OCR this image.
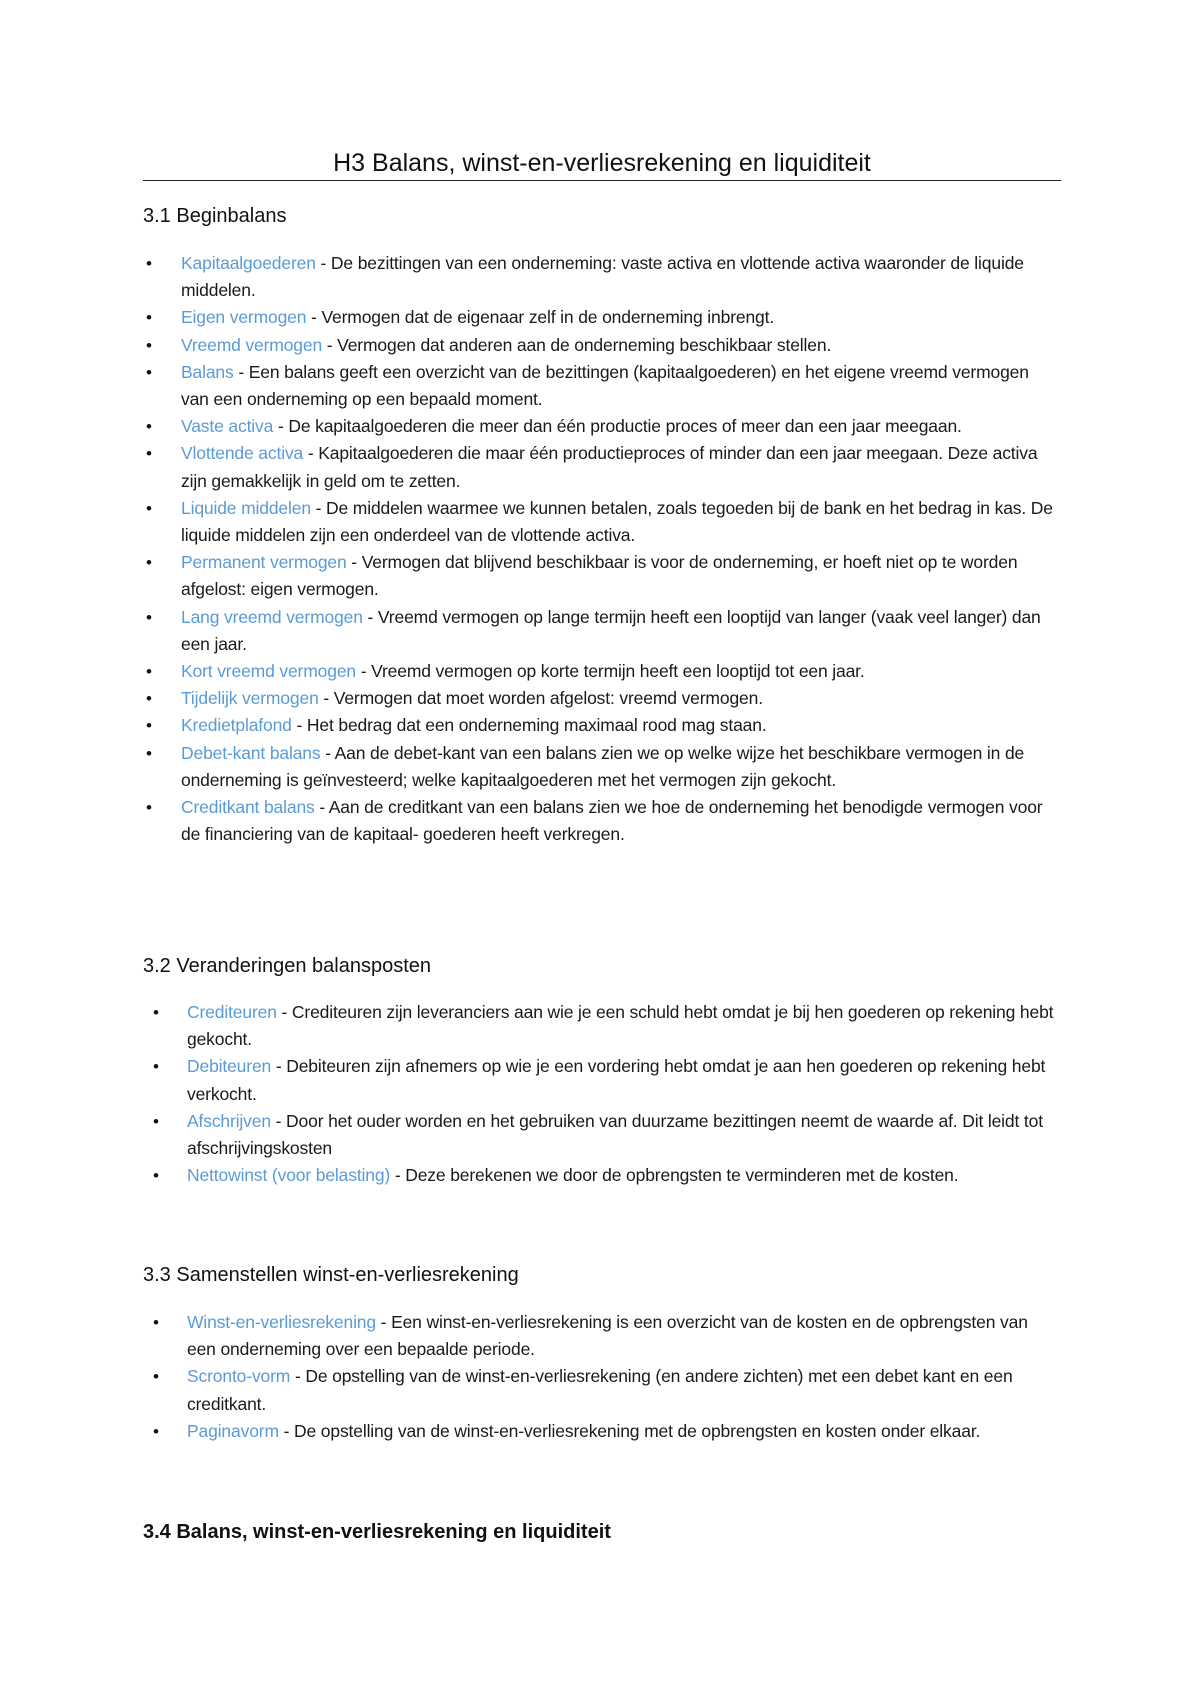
H3 Balans, winst-en-verliesrekening en liquiditeit
3.1 Beginbalans
• Kapitaalgoederen - De bezittingen van een onderneming: vaste activa en vlottende activa waaronder de liquide middelen.
• Eigen vermogen - Vermogen dat de eigenaar zelf in de onderneming inbrengt.
• Vreemd vermogen - Vermogen dat anderen aan de onderneming beschikbaar stellen.
• Balans - Een balans geeft een overzicht van de bezittingen (kapitaalgoederen) en het eigene vreemd vermogen van een onderneming op een bepaald moment.
• Vaste activa - De kapitaalgoederen die meer dan één productie proces of meer dan een jaar meegaan.
• Vlottende activa - Kapitaalgoederen die maar één productieproces of minder dan een jaar meegaan. Deze activa zijn gemakkelijk in geld om te zetten.
• Liquide middelen - De middelen waarmee we kunnen betalen, zoals tegoeden bij de bank en het bedrag in kas. De liquide middelen zijn een onderdeel van de vlottende activa.
• Permanent vermogen - Vermogen dat blijvend beschikbaar is voor de onderneming, er hoeft niet op te worden afgelost: eigen vermogen.
• Lang vreemd vermogen - Vreemd vermogen op lange termijn heeft een looptijd van langer (vaak veel langer) dan een jaar.
• Kort vreemd vermogen - Vreemd vermogen op korte termijn heeft een looptijd tot een jaar.
• Tijdelijk vermogen - Vermogen dat moet worden afgelost: vreemd vermogen.
• Kredietplafond - Het bedrag dat een onderneming maximaal rood mag staan.
• Debet-kant balans - Aan de debet-kant van een balans zien we op welke wijze het beschikbare vermogen in de onderneming is geïnvesteerd; welke kapitaalgoederen met het vermogen zijn gekocht.
• Creditkant balans - Aan de creditkant van een balans zien we hoe de onderneming het benodigde vermogen voor de financiering van de kapitaal- goederen heeft verkregen.
3.2 Veranderingen balansposten
• Crediteuren - Crediteuren zijn leveranciers aan wie je een schuld hebt omdat je bij hen goederen op rekening hebt gekocht.
• Debiteuren - Debiteuren zijn afnemers op wie je een vordering hebt omdat je aan hen goederen op rekening hebt verkocht.
• Afschrijven - Door het ouder worden en het gebruiken van duurzame bezittingen neemt de waarde af. Dit leidt tot afschrijvingskosten
• Nettowinst (voor belasting) - Deze berekenen we door de opbrengsten te verminderen met de kosten.
3.3 Samenstellen winst-en-verliesrekening
• Winst-en-verliesrekening - Een winst-en-verliesrekening is een overzicht van de kosten en de opbrengsten van een onderneming over een bepaalde periode.
• Scronto-vorm - De opstelling van de winst-en-verliesrekening (en andere zichten) met een debet kant en een creditkant.
• Paginavorm - De opstelling van de winst-en-verliesrekening met de opbrengsten en kosten onder elkaar.
3.4 Balans, winst-en-verliesrekening en liquiditeit
